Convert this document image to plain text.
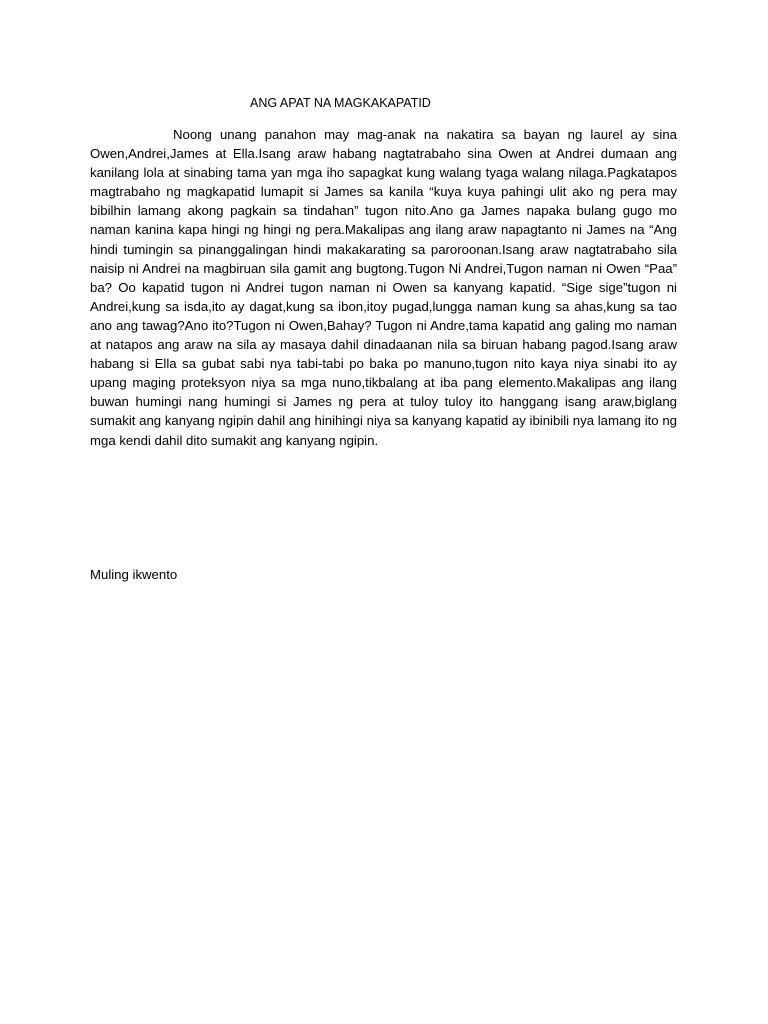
ANG APAT NA MAGKAKAPATID

Noong unang panahon may mag-anak na nakatira sa bayan ng laurel ay sina Owen,Andrei,James at Ella.Isang araw habang nagtatrabaho sina Owen at Andrei dumaan ang kanilang lola at sinabing tama yan mga iho sapagkat kung walang tyaga walang nilaga.Pagkatapos magtrabaho ng magkapatid lumapit si James sa kanila “kuya kuya pahingi ulit ako ng pera may bibilhin lamang akong pagkain sa tindahan” tugon nito.Ano ga James napaka bulang gugo mo naman kanina kapa hingi ng hingi ng pera.Makalipas ang ilang araw napagtanto ni James na “Ang hindi tumingin sa pinanggalingan hindi makakarating sa paroroonan.Isang araw nagtatrabaho sila naisip ni Andrei na magbiruan sila gamit ang bugtong.Tugon Ni Andrei,Tugon naman ni Owen “Paa” ba? Oo kapatid tugon ni Andrei tugon naman ni Owen sa kanyang kapatid. “Sige sige”tugon ni Andrei,kung sa isda,ito ay dagat,kung sa ibon,itoy pugad,lungga naman kung sa ahas,kung sa tao ano ang tawag?Ano ito?Tugon ni Owen,Bahay? Tugon ni Andre,tama kapatid ang galing mo naman at natapos ang araw na sila ay masaya dahil dinadaanan nila sa biruan habang pagod.Isang araw habang si Ella sa gubat sabi nya tabi-tabi po baka po manuno,tugon nito kaya niya sinabi ito ay upang maging proteksyon niya sa mga nuno,tikbalang at iba pang elemento.Makalipas ang ilang buwan humingi nang humingi si James ng pera at tuloy tuloy ito hanggang isang araw,biglang sumakit ang kanyang ngipin dahil ang hinihingi niya sa kanyang kapatid ay ibinibili nya lamang ito ng mga kendi dahil dito sumakit ang kanyang ngipin.

Muling ikwento
